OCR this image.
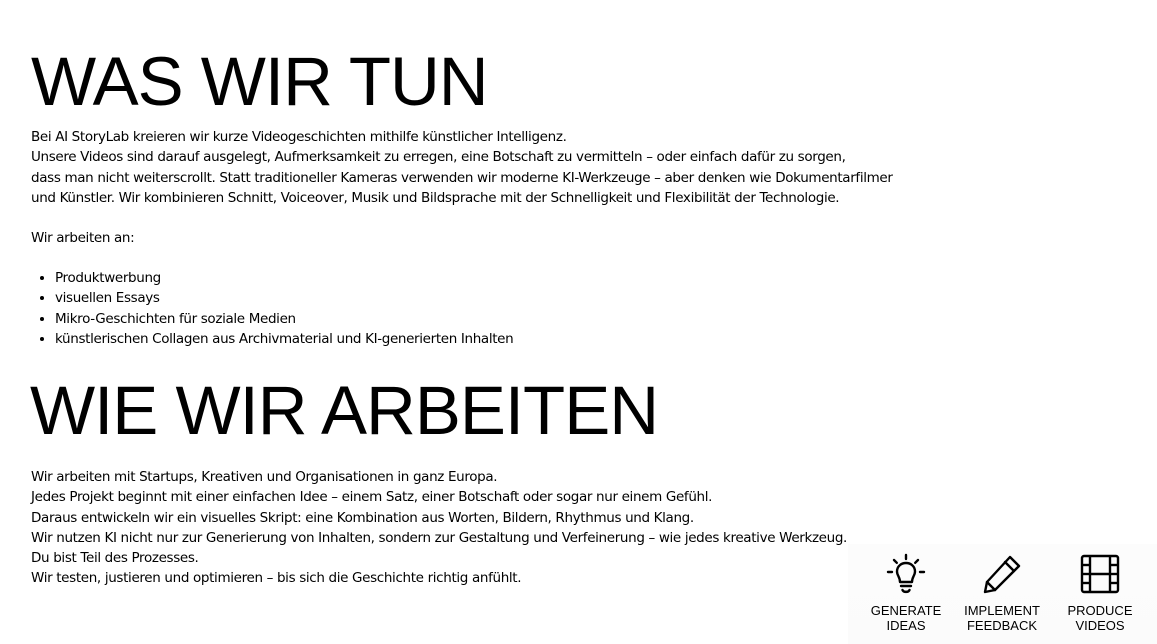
WAS WIR TUN
Bei AI StoryLab kreieren wir kurze Videogeschichten mithilfe künstlicher Intelligenz.
Unsere Videos sind darauf ausgelegt, Aufmerksamkeit zu erregen, eine Botschaft zu vermitteln – oder einfach dafür zu sorgen,
dass man nicht weiterscrollt. Statt traditioneller Kameras verwenden wir moderne KI-Werkzeuge – aber denken wie Dokumentarfilmer
und Künstler. Wir kombinieren Schnitt, Voiceover, Musik und Bildsprache mit der Schnelligkeit und Flexibilität der Technologie.
Wir arbeiten an:
• Produktwerbung
• visuellen Essays
• Mikro-Geschichten für soziale Medien
• künstlerischen Collagen aus Archivmaterial und KI-generierten Inhalten
WIE WIR ARBEITEN
Wir arbeiten mit Startups, Kreativen und Organisationen in ganz Europa.
Jedes Projekt beginnt mit einer einfachen Idee – einem Satz, einer Botschaft oder sogar nur einem Gefühl.
Daraus entwickeln wir ein visuelles Skript: eine Kombination aus Worten, Bildern, Rhythmus und Klang.
Wir nutzen KI nicht nur zur Generierung von Inhalten, sondern zur Gestaltung und Verfeinerung – wie jedes kreative Werkzeug.
Du bist Teil des Prozesses.
Wir testen, justieren und optimieren – bis sich die Geschichte richtig anfühlt.
GENERATE
IDEAS
IMPLEMENT
FEEDBACK
PRODUCE
VIDEOS
